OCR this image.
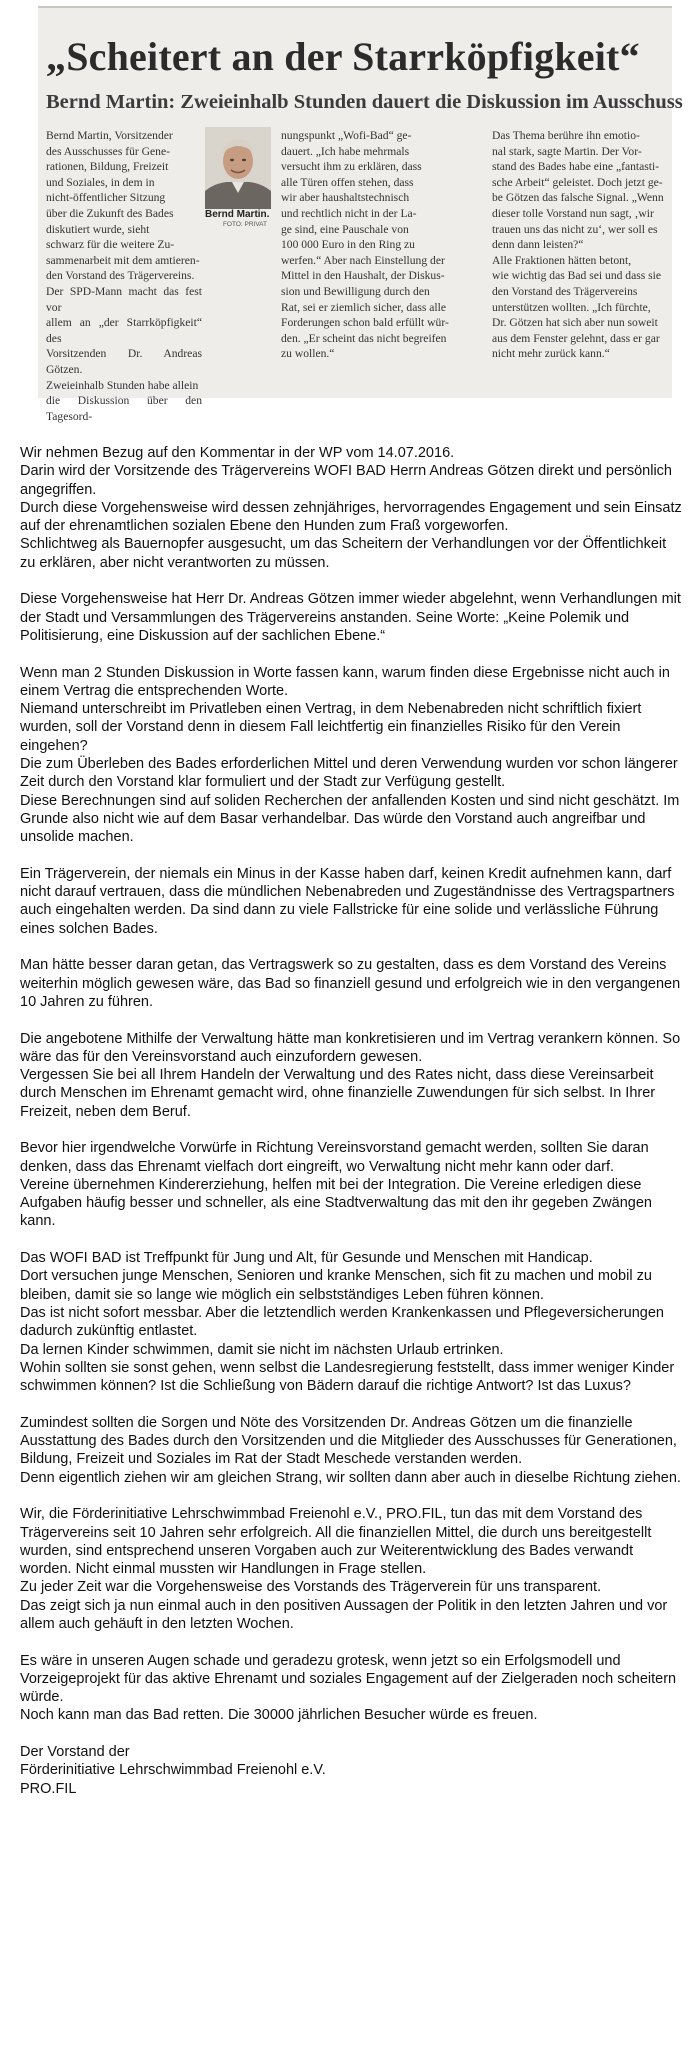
„Scheitert an der Starrköpfigkeit“
Bernd Martin: Zweieinhalb Stunden dauert die Diskussion im Ausschuss
Bernd Martin, Vorsitzender
des Ausschusses für Gene-
rationen, Bildung, Freizeit
und Soziales, in dem in
nicht-öffentlicher Sitzung
über die Zukunft des Bades
diskutiert wurde, sieht
schwarz für die weitere Zu-
sammenarbeit mit dem amtieren-
den Vorstand des Trägervereins.
Der SPD-Mann macht das fest vor
allem an „der Starrköpfigkeit“ des
Vorsitzenden Dr. Andreas Götzen.
Zweieinhalb Stunden habe allein
die Diskussion über den Tagesord-
Bernd Martin.
FOTO: PRIVAT
nungspunkt „Wofi-Bad“ ge-
dauert. „Ich habe mehrmals
versucht ihm zu erklären, dass
alle Türen offen stehen, dass
wir aber haushaltstechnisch
und rechtlich nicht in der La-
ge sind, eine Pauschale von
100 000 Euro in den Ring zu
werfen.“ Aber nach Einstellung der
Mittel in den Haushalt, der Diskus-
sion und Bewilligung durch den
Rat, sei er ziemlich sicher, dass alle
Forderungen schon bald erfüllt wür-
den. „Er scheint das nicht begreifen
zu wollen.“
Das Thema berühre ihn emotio-
nal stark, sagte Martin. Der Vor-
stand des Bades habe eine „fantasti-
sche Arbeit“ geleistet. Doch jetzt ge-
be Götzen das falsche Signal. „Wenn
dieser tolle Vorstand nun sagt, ‚wir
trauen uns das nicht zu‘, wer soll es
denn dann leisten?“
Alle Fraktionen hätten betont,
wie wichtig das Bad sei und dass sie
den Vorstand des Trägervereins
unterstützen wollten. „Ich fürchte,
Dr. Götzen hat sich aber nun soweit
aus dem Fenster gelehnt, dass er gar
nicht mehr zurück kann.“

Wir nehmen Bezug auf den Kommentar in der WP vom 14.07.2016.
Darin wird der Vorsitzende des Trägervereins WOFI BAD Herrn Andreas Götzen direkt und persönlich angegriffen.
Durch diese Vorgehensweise wird dessen zehnjähriges, hervorragendes Engagement und sein Einsatz auf der ehrenamtlichen sozialen Ebene den Hunden zum Fraß vorgeworfen.
Schlichtweg als Bauernopfer ausgesucht, um das Scheitern der Verhandlungen vor der Öffentlichkeit zu erklären, aber nicht verantworten zu müssen.

Diese Vorgehensweise hat Herr Dr. Andreas Götzen immer wieder abgelehnt, wenn Verhandlungen mit der Stadt und Versammlungen des Trägervereins anstanden. Seine Worte: „Keine Polemik und Politisierung, eine Diskussion auf der sachlichen Ebene.“

Wenn man 2 Stunden Diskussion in Worte fassen kann, warum finden diese Ergebnisse nicht auch in einem Vertrag die entsprechenden Worte.
Niemand unterschreibt im Privatleben einen Vertrag, in dem Nebenabreden nicht schriftlich fixiert wurden, soll der Vorstand denn in diesem Fall leichtfertig ein finanzielles Risiko für den Verein eingehen?
Die zum Überleben des Bades erforderlichen Mittel und deren Verwendung wurden vor schon längerer Zeit durch den Vorstand klar formuliert und der Stadt zur Verfügung gestellt.
Diese Berechnungen sind auf soliden Recherchen der anfallenden Kosten und sind nicht geschätzt. Im Grunde also nicht wie auf dem Basar verhandelbar. Das würde den Vorstand auch angreifbar und unsolide machen.

Ein Trägerverein, der niemals ein Minus in der Kasse haben darf, keinen Kredit aufnehmen kann, darf nicht darauf vertrauen, dass die mündlichen Nebenabreden und Zugeständnisse des Vertragspartners auch eingehalten werden. Da sind dann zu viele Fallstricke für eine solide und verlässliche Führung eines solchen Bades.

Man hätte besser daran getan, das Vertragswerk so zu gestalten, dass es dem Vorstand des Vereins weiterhin möglich gewesen wäre, das Bad so finanziell gesund und erfolgreich wie in den vergangenen 10 Jahren zu führen.

Die angebotene Mithilfe der Verwaltung hätte man konkretisieren und im Vertrag verankern können. So wäre das für den Vereinsvorstand auch einzufordern gewesen.
Vergessen Sie bei all Ihrem Handeln der Verwaltung und des Rates nicht, dass diese Vereinsarbeit durch Menschen im Ehrenamt gemacht wird, ohne finanzielle Zuwendungen für sich selbst. In Ihrer Freizeit, neben dem Beruf.

Bevor hier irgendwelche Vorwürfe in Richtung Vereinsvorstand gemacht werden, sollten Sie daran denken, dass das Ehrenamt vielfach dort eingreift, wo Verwaltung nicht mehr kann oder darf.
Vereine übernehmen Kindererziehung, helfen mit bei der Integration. Die Vereine erledigen diese Aufgaben häufig besser und schneller, als eine Stadtverwaltung das mit den ihr gegeben Zwängen kann.

Das WOFI BAD ist Treffpunkt für Jung und Alt, für Gesunde und Menschen mit Handicap.
Dort versuchen junge Menschen, Senioren und kranke Menschen, sich fit zu machen und mobil zu bleiben, damit sie so lange wie möglich ein selbstständiges Leben führen können.
Das ist nicht sofort messbar. Aber die letztendlich werden Krankenkassen und Pflegeversicherungen dadurch zukünftig entlastet.
Da lernen Kinder schwimmen, damit sie nicht im nächsten Urlaub ertrinken.
Wohin sollten sie sonst gehen, wenn selbst die Landesregierung feststellt, dass immer weniger Kinder schwimmen können? Ist die Schließung von Bädern darauf die richtige Antwort? Ist das Luxus?

Zumindest sollten die Sorgen und Nöte des Vorsitzenden Dr. Andreas Götzen um die finanzielle Ausstattung des Bades durch den Vorsitzenden und die Mitglieder des Ausschusses für Generationen, Bildung, Freizeit und Soziales im Rat der Stadt Meschede verstanden werden.
Denn eigentlich ziehen wir am gleichen Strang, wir sollten dann aber auch in dieselbe Richtung ziehen.

Wir, die Förderinitiative Lehrschwimmbad Freienohl e.V., PRO.FIL, tun das mit dem Vorstand des Trägervereins seit 10 Jahren sehr erfolgreich. All die finanziellen Mittel, die durch uns bereitgestellt wurden, sind entsprechend unseren Vorgaben auch zur Weiterentwicklung des Bades verwandt worden. Nicht einmal mussten wir Handlungen in Frage stellen.
Zu jeder Zeit war die Vorgehensweise des Vorstands des Trägerverein für uns transparent.
Das zeigt sich ja nun einmal auch in den positiven Aussagen der Politik in den letzten Jahren und vor allem auch gehäuft in den letzten Wochen.

Es wäre in unseren Augen schade und geradezu grotesk, wenn jetzt so ein Erfolgsmodell und Vorzeigeprojekt für das aktive Ehrenamt und soziales Engagement auf der Zielgeraden noch scheitern würde.
Noch kann man das Bad retten. Die 30000 jährlichen Besucher würde es freuen.

Der Vorstand der
Förderinitiative Lehrschwimmbad Freienohl e.V.
PRO.FIL
